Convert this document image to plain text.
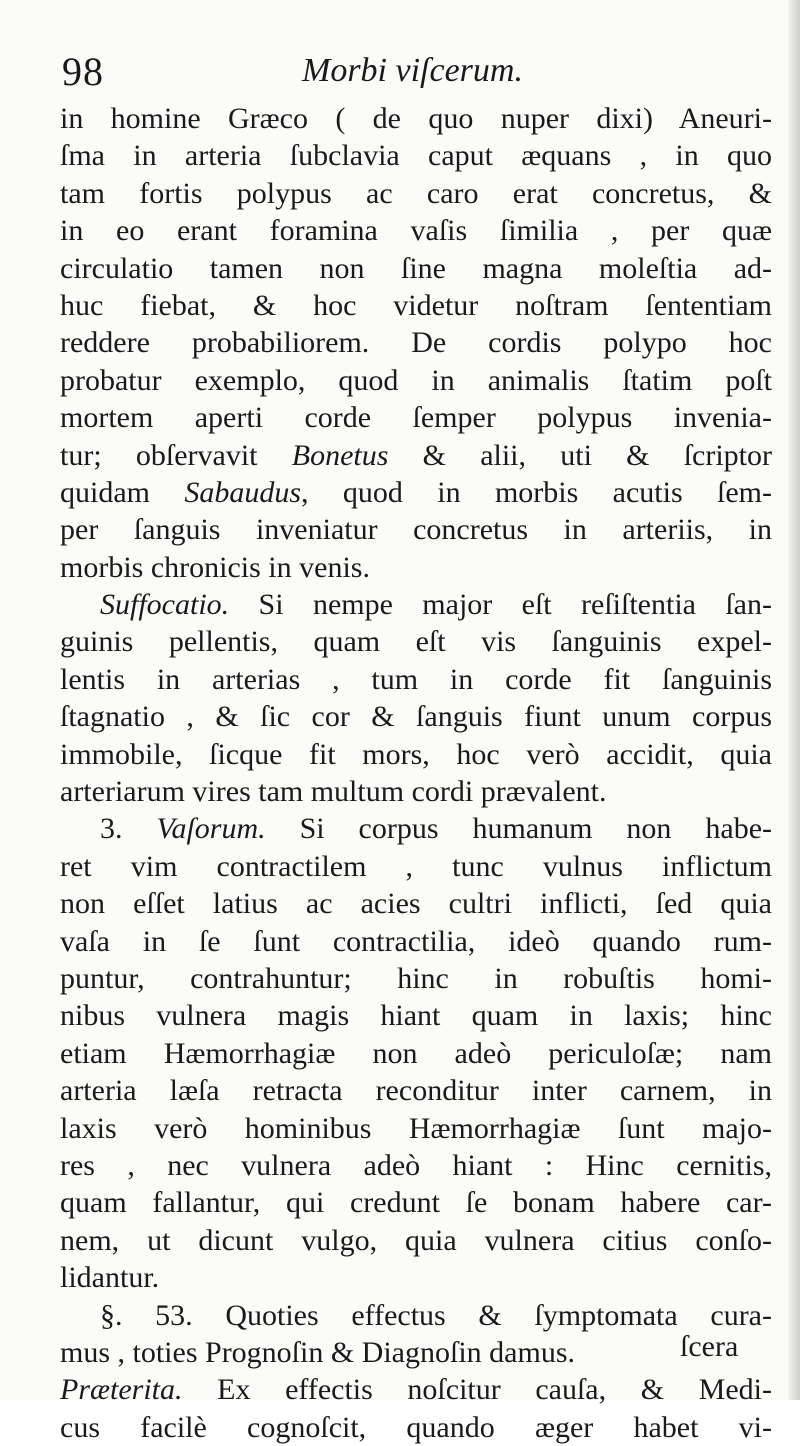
98	Morbi viſcerum.
in homine Græco ( de quo nuper dixi) Aneuri-
ſma in arteria ſubclavia caput æquans , in quo
tam fortis polypus ac caro erat concretus, &
in eo erant foramina vaſis ſimilia , per quæ
circulatio tamen non ſine magna moleſtia ad-
huc fiebat, & hoc videtur noſtram ſententiam
reddere probabiliorem. De cordis polypo hoc
probatur exemplo, quod in animalis ſtatim poſt
mortem aperti corde ſemper polypus invenia-
tur; obſervavit Bonetus & alii, uti & ſcriptor
quidam Sabaudus, quod in morbis acutis ſem-
per ſanguis inveniatur concretus in arteriis, in
morbis chronicis in venis.
Suffocatio. Si nempe major eſt reſiſtentia ſan-
guinis pellentis, quam eſt vis ſanguinis expel-
lentis in arterias , tum in corde fit ſanguinis
ſtagnatio , & ſic cor & ſanguis fiunt unum corpus
immobile, ſicque fit mors, hoc verò accidit, quia
arteriarum vires tam multum cordi prævalent.
3. Vaſorum. Si corpus humanum non habe-
ret vim contractilem , tunc vulnus inflictum
non eſſet latius ac acies cultri inflicti, ſed quia
vaſa in ſe ſunt contractilia, ideò quando rum-
puntur, contrahuntur; hinc in robuſtis homi-
nibus vulnera magis hiant quam in laxis; hinc
etiam Hæmorrhagiæ non adeò periculoſæ; nam
arteria læſa retracta reconditur inter carnem, in
laxis verò hominibus Hæmorrhagiæ ſunt majo-
res , nec vulnera adeò hiant : Hinc cernitis,
quam fallantur, qui credunt ſe bonam habere car-
nem, ut dicunt vulgo, quia vulnera citius conſo-
lidantur.
§. 53. Quoties effectus & ſymptomata cura-
mus , toties Prognoſin & Diagnoſin damus.
Præterita. Ex effectis noſcitur cauſa, & Medi-
cus facilè cognoſcit, quando æger habet vi-
ſcera
